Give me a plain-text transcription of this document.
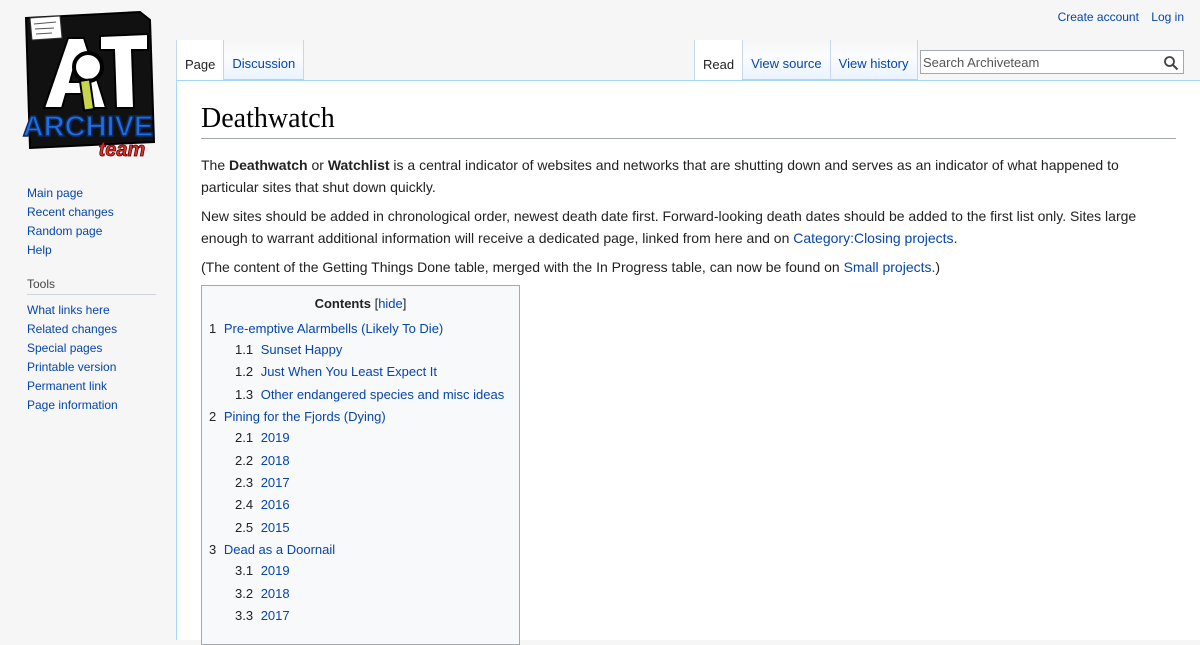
ARCHIVE
team
Create account Log in
Main page
Recent changes
Random page
Help
Tools
What links here
Related changes
Special pages
Printable version
Permanent link
Page information
Page Discussion	Read View source View history
Search Archiveteam
Deathwatch

The Deathwatch or Watchlist is a central indicator of websites and networks that are shutting down and serves as an indicator of what happened to particular sites that shut down quickly.

New sites should be added in chronological order, newest death date first. Forward-looking death dates should be added to the first list only. Sites large enough to warrant additional information will receive a dedicated page, linked from here and on Category:Closing projects.

(The content of the Getting Things Done table, merged with the In Progress table, can now be found on Small projects.)

Contents [hide]
1 Pre-emptive Alarmbells (Likely To Die)
1.1 Sunset Happy
1.2 Just When You Least Expect It
1.3 Other endangered species and misc ideas
2 Pining for the Fjords (Dying)
2.1 2019
2.2 2018
2.3 2017
2.4 2016
2.5 2015
3 Dead as a Doornail
3.1 2019
3.2 2018
3.3 2017
